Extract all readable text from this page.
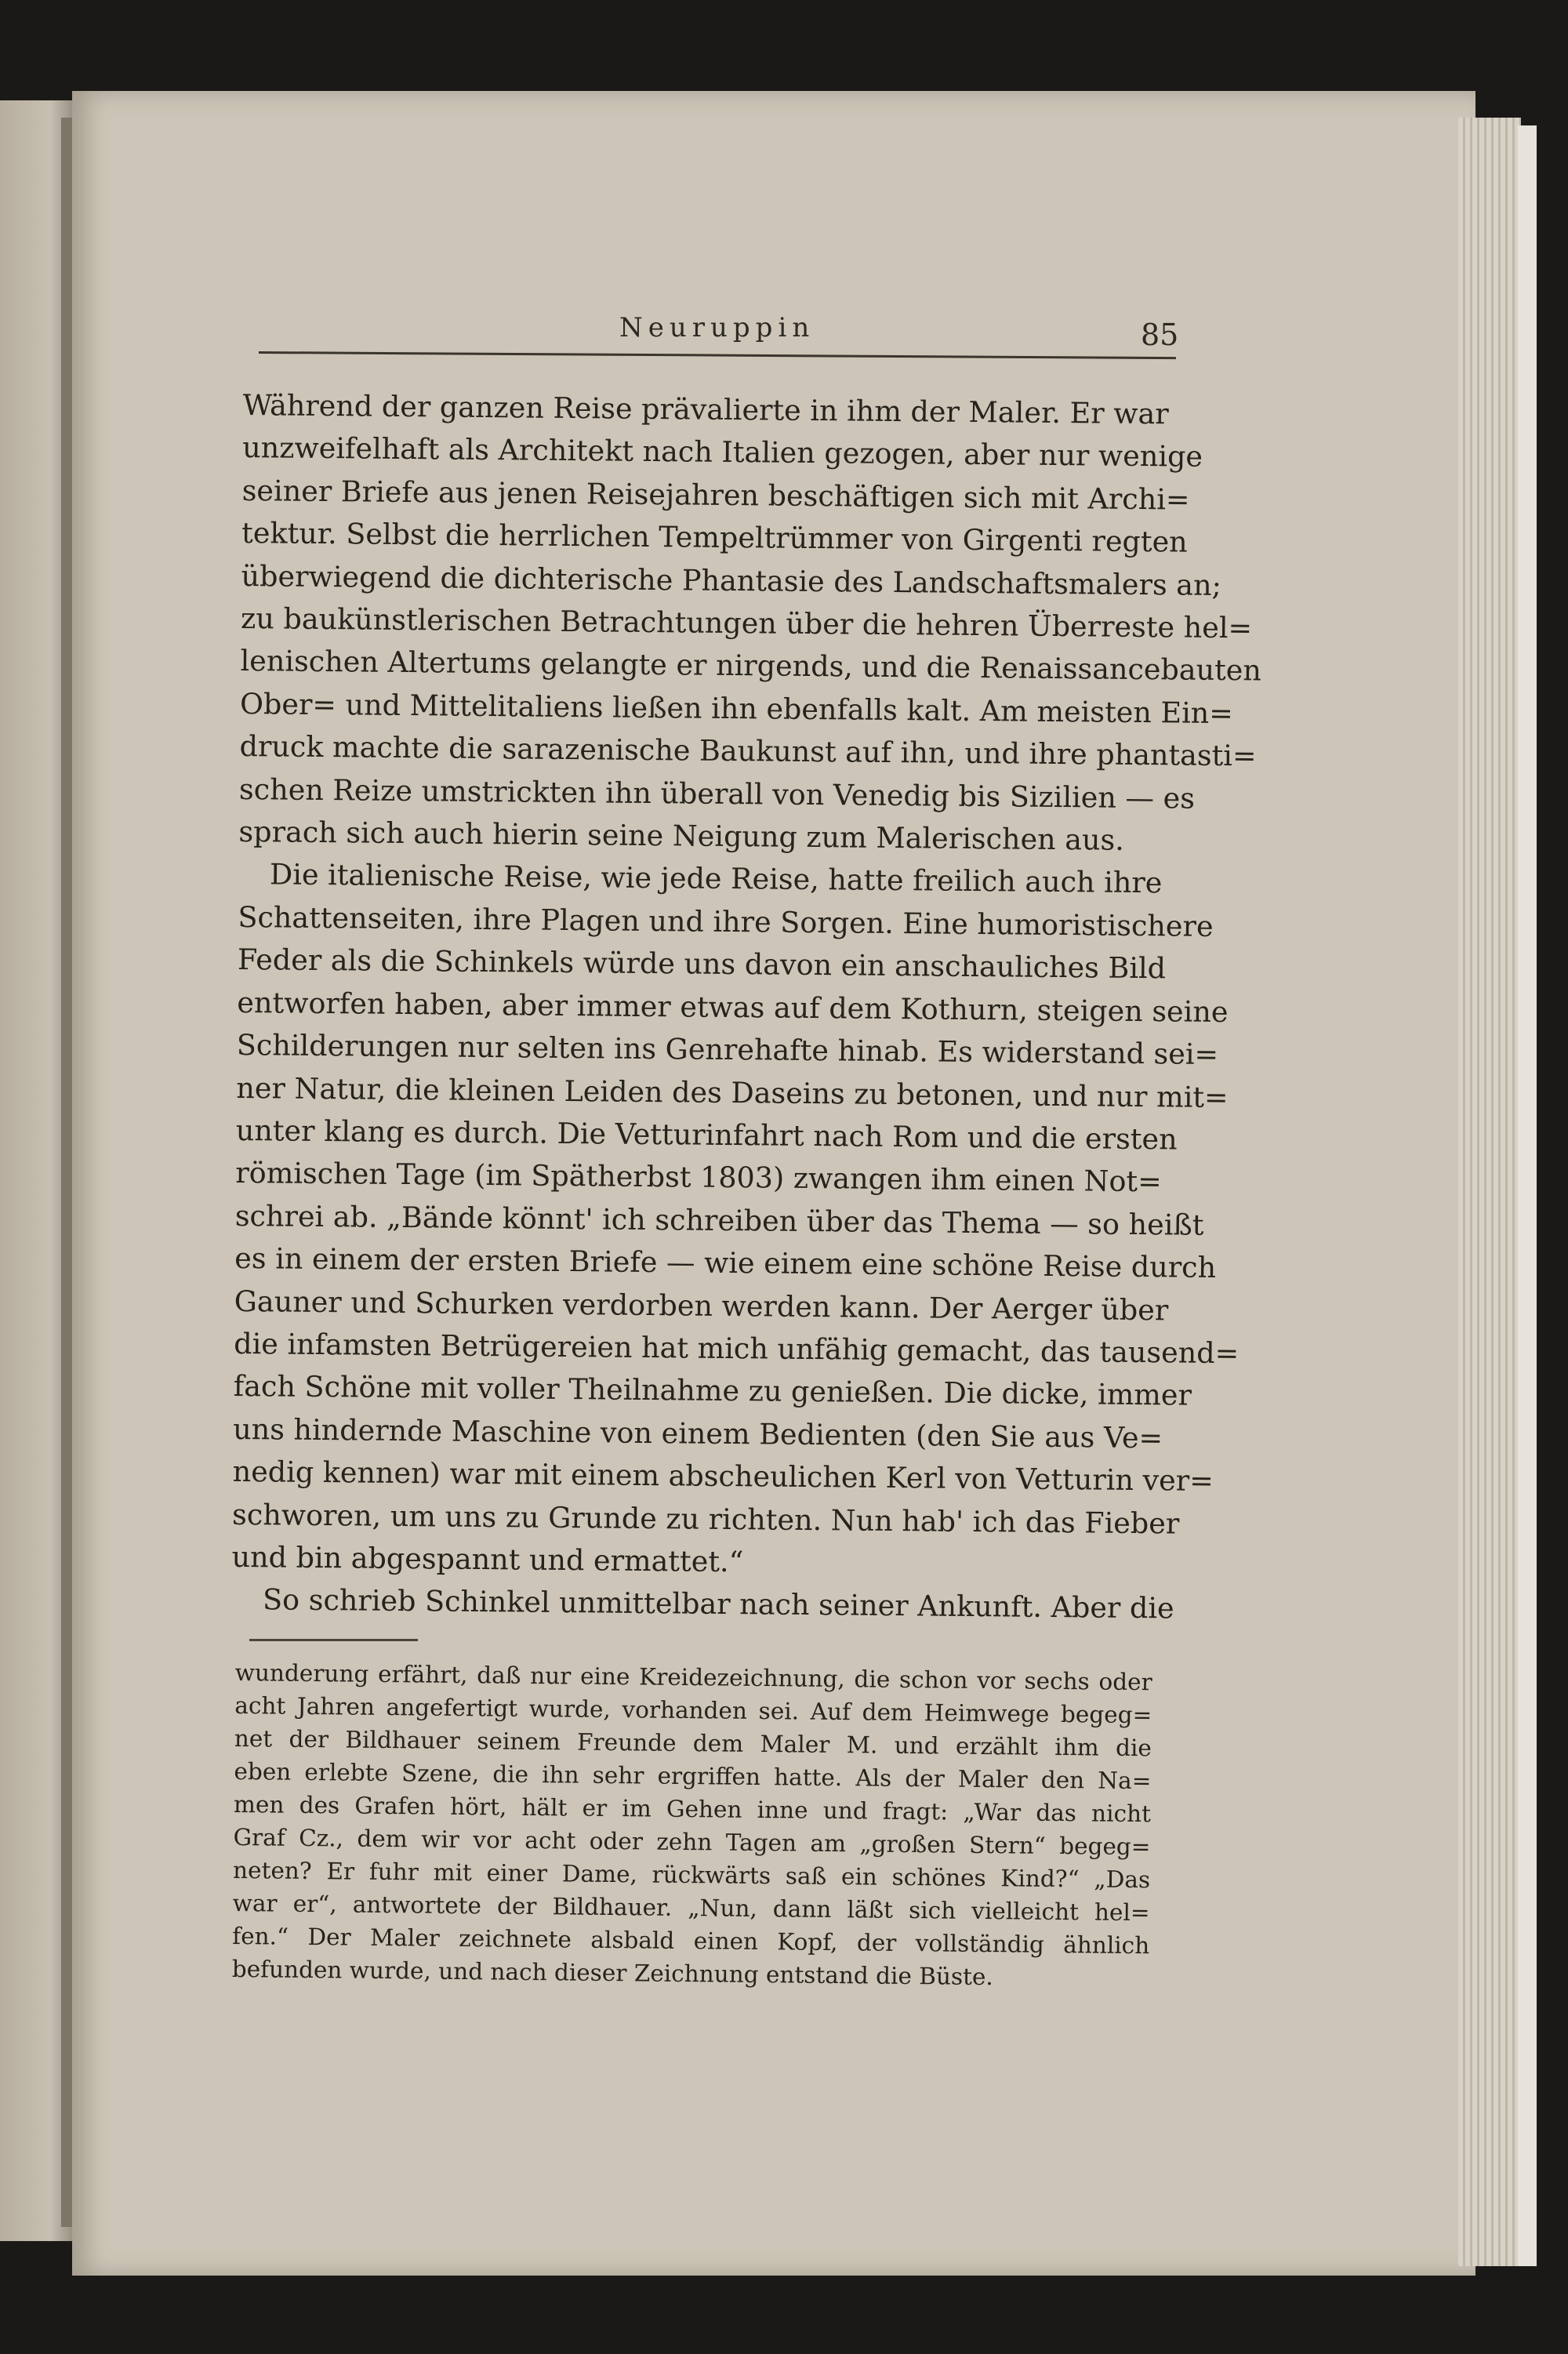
Neuruppin	85
Während der ganzen Reise prävalierte in ihm der Maler. Er war
unzweifelhaft als Architekt nach Italien gezogen, aber nur wenige
seiner Briefe aus jenen Reisejahren beschäftigen sich mit Archi=
tektur. Selbst die herrlichen Tempeltrümmer von Girgenti regten
überwiegend die dichterische Phantasie des Landschaftsmalers an;
zu baukünstlerischen Betrachtungen über die hehren Überreste hel=
lenischen Altertums gelangte er nirgends, und die Renaissancebauten
Ober= und Mittelitaliens ließen ihn ebenfalls kalt. Am meisten Ein=
druck machte die sarazenische Baukunst auf ihn, und ihre phantasti=
schen Reize umstrickten ihn überall von Venedig bis Sizilien — es
sprach sich auch hierin seine Neigung zum Malerischen aus.
Die italienische Reise, wie jede Reise, hatte freilich auch ihre
Schattenseiten, ihre Plagen und ihre Sorgen. Eine humoristischere
Feder als die Schinkels würde uns davon ein anschauliches Bild
entworfen haben, aber immer etwas auf dem Kothurn, steigen seine
Schilderungen nur selten ins Genrehafte hinab. Es widerstand sei=
ner Natur, die kleinen Leiden des Daseins zu betonen, und nur mit=
unter klang es durch. Die Vetturinfahrt nach Rom und die ersten
römischen Tage (im Spätherbst 1803) zwangen ihm einen Not=
schrei ab. „Bände könnt' ich schreiben über das Thema — so heißt
es in einem der ersten Briefe — wie einem eine schöne Reise durch
Gauner und Schurken verdorben werden kann. Der Aerger über
die infamsten Betrügereien hat mich unfähig gemacht, das tausend=
fach Schöne mit voller Theilnahme zu genießen. Die dicke, immer
uns hindernde Maschine von einem Bedienten (den Sie aus Ve=
nedig kennen) war mit einem abscheulichen Kerl von Vetturin ver=
schworen, um uns zu Grunde zu richten. Nun hab' ich das Fieber
und bin abgespannt und ermattet.“
So schrieb Schinkel unmittelbar nach seiner Ankunft. Aber die
wunderung erfährt, daß nur eine Kreidezeichnung, die schon vor sechs oder
acht Jahren angefertigt wurde, vorhanden sei. Auf dem Heimwege begeg=
net der Bildhauer seinem Freunde dem Maler M. und erzählt ihm die
eben erlebte Szene, die ihn sehr ergriffen hatte. Als der Maler den Na=
men des Grafen hört, hält er im Gehen inne und fragt: „War das nicht
Graf Cz., dem wir vor acht oder zehn Tagen am „großen Stern“ begeg=
neten? Er fuhr mit einer Dame, rückwärts saß ein schönes Kind?“ „Das
war er“, antwortete der Bildhauer. „Nun, dann läßt sich vielleicht hel=
fen.“ Der Maler zeichnete alsbald einen Kopf, der vollständig ähnlich
befunden wurde, und nach dieser Zeichnung entstand die Büste.
